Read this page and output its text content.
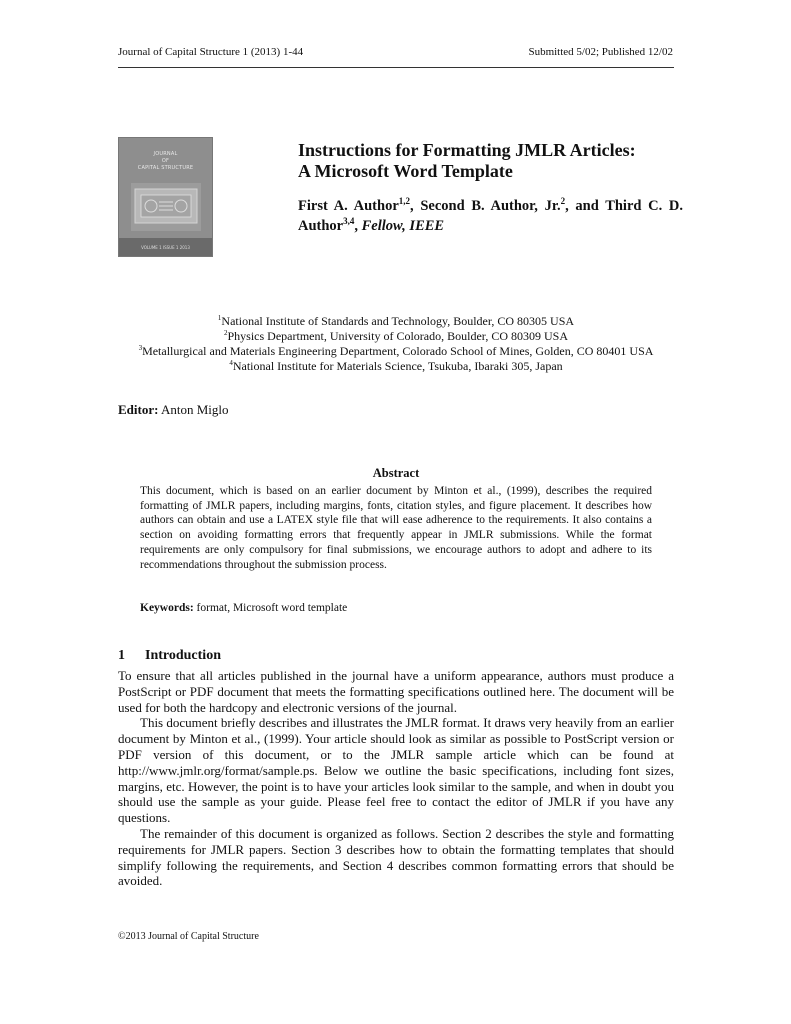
Journal of Capital Structure 1 (2013) 1-44	Submitted 5/02; Published 12/02
JOURNAL
OF
CAPITAL STRUCTURE
VOLUME 1 ISSUE 1 2013
Instructions for Formatting JMLR Articles:
A Microsoft Word Template
First A. Author$^{1,2}$, Second B. Author, Jr.$^2$, and Third C. D. Author$^{3,4}$, Fellow, IEEE
$^1$National Institute of Standards and Technology, Boulder, CO 80305 USA
$^2$Physics Department, University of Colorado, Boulder, CO 80309 USA
$^3$Metallurgical and Materials Engineering Department, Colorado School of Mines, Golden, CO 80401 USA
$^4$National Institute for Materials Science, Tsukuba, Ibaraki 305, Japan
Editor: Anton Miglo
Abstract
This document, which is based on an earlier document by Minton et al., (1999), describes the required formatting of JMLR papers, including margins, fonts, citation styles, and figure placement. It describes how authors can obtain and use a LATEX style file that will ease adherence to the requirements. It also contains a section on avoiding formatting errors that frequently appear in JMLR submissions. While the format requirements are only compulsory for final submissions, we encourage authors to adopt and adhere to its recommendations throughout the submission process.
Keywords: format, Microsoft word template
1 Introduction

To ensure that all articles published in the journal have a uniform appearance, authors must produce a PostScript or PDF document that meets the formatting specifications outlined here. The document will be used for both the hardcopy and electronic versions of the journal.

This document briefly describes and illustrates the JMLR format. It draws very heavily from an earlier document by Minton et al., (1999). Your article should look as similar as possible to PostScript version or PDF version of this document, or to the JMLR sample article which can be found at http://www.jmlr.org/format/sample.ps. Below we outline the basic specifications, including font sizes, margins, etc. However, the point is to have your articles look similar to the sample, and when in doubt you should use the sample as your guide. Please feel free to contact the editor of JMLR if you have any questions.

The remainder of this document is organized as follows. Section 2 describes the style and formatting requirements for JMLR papers. Section 3 describes how to obtain the formatting templates that should simplify following the requirements, and Section 4 describes common formatting errors that should be avoided.

©2013 Journal of Capital Structure
